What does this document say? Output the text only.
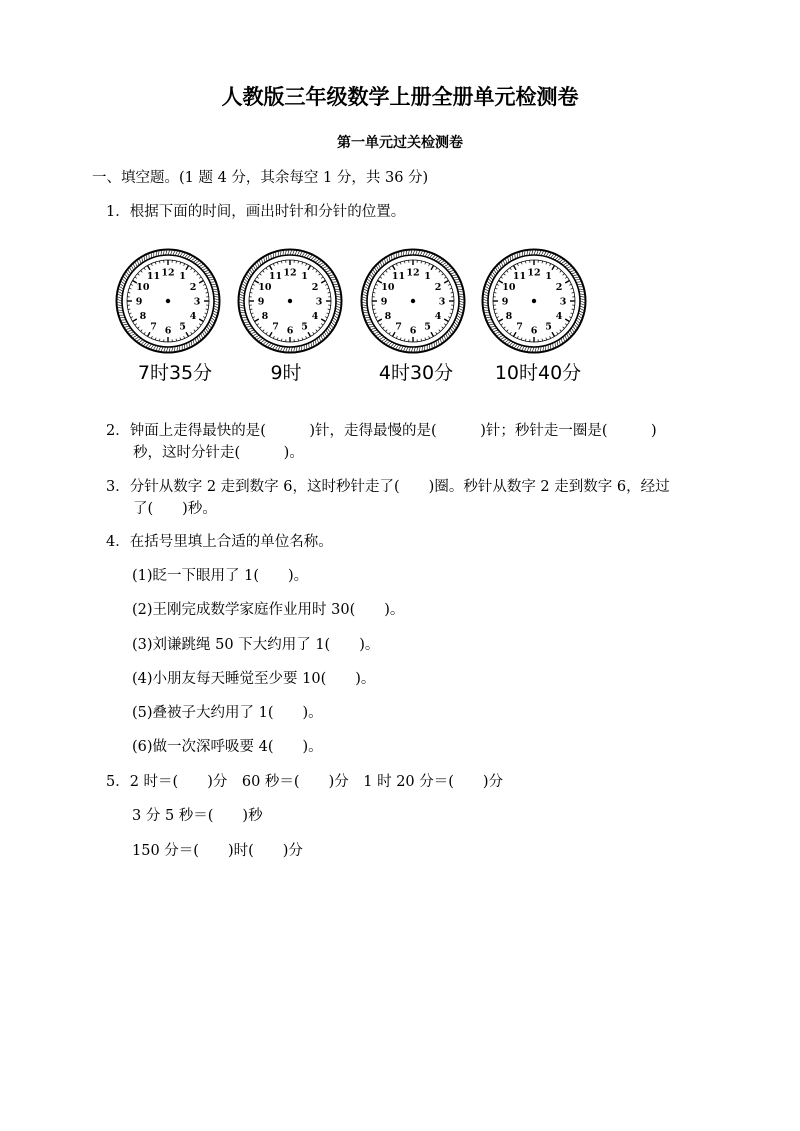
人教版三年级数学上册全册单元检测卷
第一单元过关检测卷
一、填空题。(1 题 4 分，其余每空 1 分，共 36 分)
1．根据下面的时间，画出时针和分针的位置。
12 1
2
3
4
5
6
7
8
9
10
11	12 1
2
3
4
5
6
7
8
9
10
11	12 1
2
3
4
5
6
7
8
9
10
11	12 1
2
3
4
5
6
7
8
9
10
11
7时35分	9时	4时30分	10时40分
2．钟面上走得最快的是(　　　)针，走得最慢的是(　　　)针；秒针走一圈是(　　　)
秒，这时分针走(　　　)。
3．分针从数字 2 走到数字 6，这时秒针走了(　　)圈。秒针从数字 2 走到数字 6，经过
了(　　)秒。
4．在括号里填上合适的单位名称。
(1)眨一下眼用了 1(　　)。
(2)王刚完成数学家庭作业用时 30(　　)。
(3)刘谦跳绳 50 下大约用了 1(　　)。
(4)小朋友每天睡觉至少要 10(　　)。
(5)叠被子大约用了 1(　　)。
(6)做一次深呼吸要 4(　　)。
5．2 时＝(　　)分　60 秒＝(　　)分　1 时 20 分＝(　　)分
3 分 5 秒＝(　　)秒
150 分＝(　　)时(　　)分
